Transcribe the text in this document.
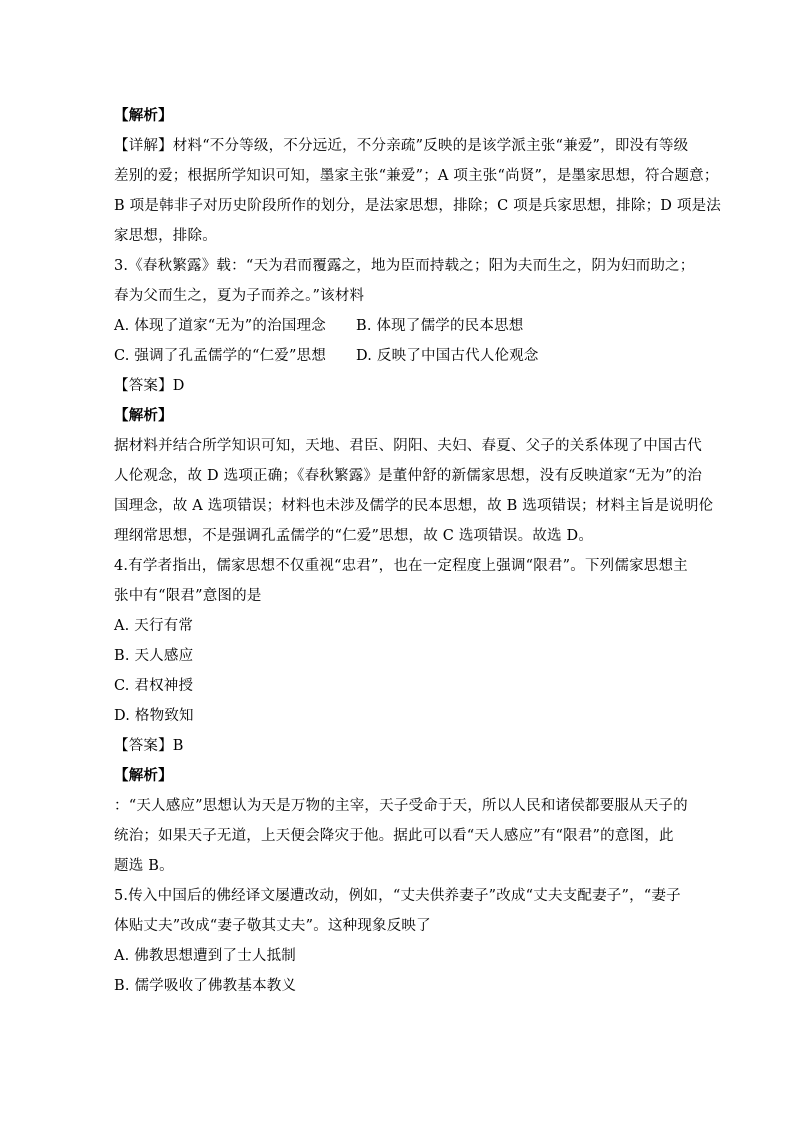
【解析】
【详解】材料“不分等级，不分远近，不分亲疏”反映的是该学派主张“兼爱”，即没有等级
差别的爱；根据所学知识可知，墨家主张“兼爱”；A 项主张“尚贤”，是墨家思想，符合题意；
B 项是韩非子对历史阶段所作的划分，是法家思想，排除；C 项是兵家思想，排除；D 项是法
家思想，排除。
3.《春秋繁露》载：“天为君而覆露之，地为臣而持载之；阳为夫而生之，阴为妇而助之；
春为父而生之，夏为子而养之。”该材料
A. 体现了道家“无为”的治国理念	B. 体现了儒学的民本思想
C. 强调了孔孟儒学的“仁爱”思想	D. 反映了中国古代人伦观念
【答案】D
【解析】
据材料并结合所学知识可知，天地、君臣、阴阳、夫妇、春夏、父子的关系体现了中国古代
人伦观念，故 D 选项正确；《春秋繁露》是董仲舒的新儒家思想，没有反映道家“无为”的治
国理念，故 A 选项错误；材料也未涉及儒学的民本思想，故 B 选项错误；材料主旨是说明伦
理纲常思想，不是强调孔孟儒学的“仁爱”思想，故 C 选项错误。故选 D。
4.有学者指出，儒家思想不仅重视“忠君”，也在一定程度上强调“限君”。下列儒家思想主
张中有“限君”意图的是
A. 天行有常
B. 天人感应
C. 君权神授
D. 格物致知
【答案】B
【解析】
：“天人感应”思想认为天是万物的主宰，天子受命于天，所以人民和诸侯都要服从天子的
统治；如果天子无道，上天便会降灾于他。据此可以看“天人感应”有“限君”的意图，此
题选 B。
5.传入中国后的佛经译文屡遭改动，例如，“丈夫供养妻子”改成“丈夫支配妻子”，“妻子
体贴丈夫”改成“妻子敬其丈夫”。这种现象反映了
A. 佛教思想遭到了士人抵制
B. 儒学吸收了佛教基本教义
